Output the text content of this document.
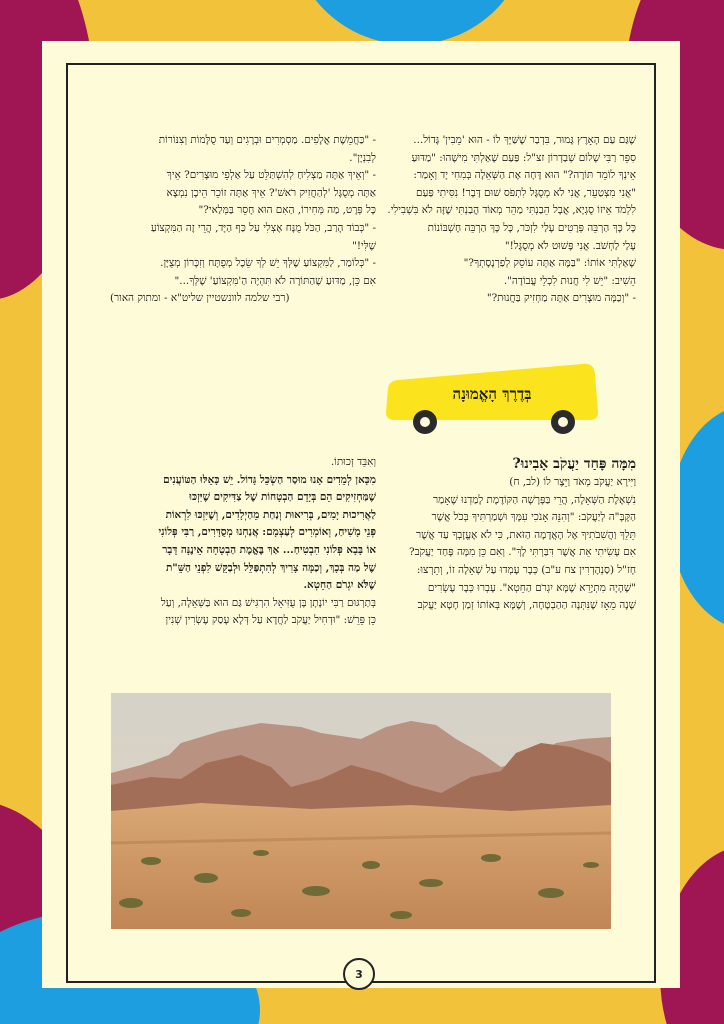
שֶׁגַּם עַם הָאָרֶץ גָּמוּר, בִּדְבַר שֶׁשַּׁיָּךְ לוֹ - הוּא 'מֵבִין' גָּדוֹל...

סִפֵּר רַבִּי שָׁלוֹם שְׁבַדְרוֹן זצ"ל: פַּעַם שָׁאַלְתִּי מִישֶׁהוּ: "מַדּוּעַ

אֵינְךָ לוֹמֵד תּוֹרָה?" הוּא דָּחָה אֶת הַשְּׁאֵלָה בְּמִחִי יָד וְאָמַר:

"אֲנִי מִצְטַעֵר, אֲנִי לֹא מְסֻגָּל לִתְפֹּס שׁוּם דָּבָר! נִסִּיתִי פַּעַם

לִלְמֹד אֵיזוֹ סֻגְיָא, אֲבָל הֵבַנְתִּי מַהֵר מְאוֹד הֲבַנְתִּי שֶׁזֶּה לֹא בִּשְׁבִילִי.

כָּל כָּךְ הַרְבֵּה פְּרָטִים עָלַי לִזְכֹּר, כָּל כָּךְ הַרְבֵּה חֶשְׁבּוֹנוֹת

עָלַי לַחְשֹׁב. אֲנִי פָּשׁוּט לֹא מְסֻגָּל!"

שָׁאַלְתִּי אוֹתוֹ: "בַּמֶּה אַתָּה עוֹסֵק לְפַרְנָסָתְךָ?"

הֵשִׁיב: "יֵשׁ לִי חֲנוּת לִכְלֵי עֲבוֹדָה".

- "וְכַמָּה מוּצָרִים אַתָּה מַחְזִיק בַּחֲנוּת?"

- "כַּחֲמֵשֶׁת אֲלָפִים. מַסְמְרִים וּבְרָגִים וְעַד סֻלָּמוֹת וְצִנּוֹרוֹת

לְבִנְיָן".

- "וְאֵיךְ אַתָּה מַצְלִיחַ לְהִשְׁתַּלֵּט עַל אַלְפֵי מוּצָרִים? אֵיךְ

אַתָּה מְסֻגָּל 'לְהַחֲזִיק רֹאשׁ'? אֵיךְ אַתָּה זוֹכֵר הֵיכָן נִמְצָא

כָּל פְּרָט, מַה מְּחִירוֹ, הַאִם הוּא חָסֵר בַּמְּלַאי?"

- "כְּבוֹד הָרַב, הַכֹּל מֻנָּח אֶצְלִי עַל כַּף הַיָּד, הֲרֵי זֶה הַמִּקְצוֹעַ

שֶׁלִּי!"

- "כְּלוֹמַר, לַמִּקְצוֹעַ שֶׁלְּךָ יֵשׁ לְךָ שֵׂכֶל מְפֻתָּח וְזִכָּרוֹן מְצֻיָּן.

אִם כֵּן, מַדּוּעַ שֶׁהַתּוֹרָה לֹא תִּהְיֶה הַ'מִּקְצוֹעַ' שֶׁלְּךָ..."

(רבי שלמה לוונשטיין שליט"א - ומתוק האור)

בְּדֶרֶךְ הָאֱמוּנָה

מִמָּה פָּחַד יַעֲקֹב אָבִינוּ?

וַיִּירָא יַעֲקֹב מְאֹד וַיֵּצֶר לוֹ (לב, ח)

נִשְׁאֶלֶת הַשְּׁאֵלָה, הֲרֵי בַּפָּרָשָׁה הַקּוֹדֶמֶת לָמַדְנוּ שֶׁאָמַר

הַקָּבָּ"ה לְיַעֲקֹב: "וְהִנֵּה אָנֹכִי עִמָּךְ וּשְׁמַרְתִּיךָ בְּכֹל אֲשֶׁר

תֵּלֵךְ וַהֲשִׁבֹתִיךָ אֶל הָאֲדָמָה הַזֹּאת, כִּי לֹא אֶעֱזָבְךָ עַד אֲשֶׁר

אִם עָשִׂיתִי אֵת אֲשֶׁר דִּבַּרְתִּי לָךְ". וְאִם כֵּן מִמָּה פָּחַד יַעֲקֹב?

חָז"ל (סַנְהֶדְרִין צח ע"ב) כְּבָר עָמְדוּ עַל שְׁאֵלָה זוֹ, וְתֵרְצוּ:

"שֶׁהָיָה מִתְיָרֵא שֶׁמָּא יִגְרֹם הַחֵטְא". עָבְרוּ כְּבָר עֶשְׂרִים

שָׁנָה מֵאָז שֶׁנִּתְּנָה הַהַבְטָחָה, וְשֶׁמָּא בְּאוֹתוֹ זְמַן חָטָא יַעֲקֹב

וְאִבֵּד זְכוּתוֹ.

מִכָּאן לְמֵדִים אָנוּ מוּסַר הַשְׂכֵּל גָּדוֹל. יֵשׁ כָּאֵלּוּ הַטּוֹעֲנִים

שֶׁמַּחְזִיקִים הֵם בְּיָדָם הַבְטָחוֹת שֶׁל צַדִּיקִים שֶׁיִּזְכּוּ

לַאֲרִיכוּת יָמִים, בְּרִיאוּת וְנַחַת מֵהַיְלָדִים, וְשֶׁיִּזְכּוּ לִרְאוֹת

פְּנֵי מָשִׁיחַ, וְאוֹמְרִים לְעַצְמָם: אֲנַחְנוּ מְסֻדָּרִים, רַבִּי פְּלוֹנִי

אוֹ בָּבָא פְּלוֹנִי הִבְטִיחַ... אַךְ בֶּאֱמֶת הַבְטָחָה אֵינֶנָּה דָּבָר

שֶׁל מַה בְּכָךְ, וְכַמָּה צָרִיךְ לְהִתְפַּלֵּל וּלְבַקֵּשׁ לִפְנֵי הַשֵּׁ"ת

שֶׁלֹּא יִגְרֹם הַחֵטְא.

בְּתַרְגּוּם רַבִּי יוֹנָתָן בֶּן עֻזִּיאֵל הִרְגִּישׁ גַּם הוּא בַּשְּׁאֵלָה, וְעַל

כֵּן פֵּרֵשׁ: "וּדְחִיל יַעֲקֹב לַחֲדָא עַל דְּלָא עָסַק עֶשְׂרִין שְׁנִין

3
